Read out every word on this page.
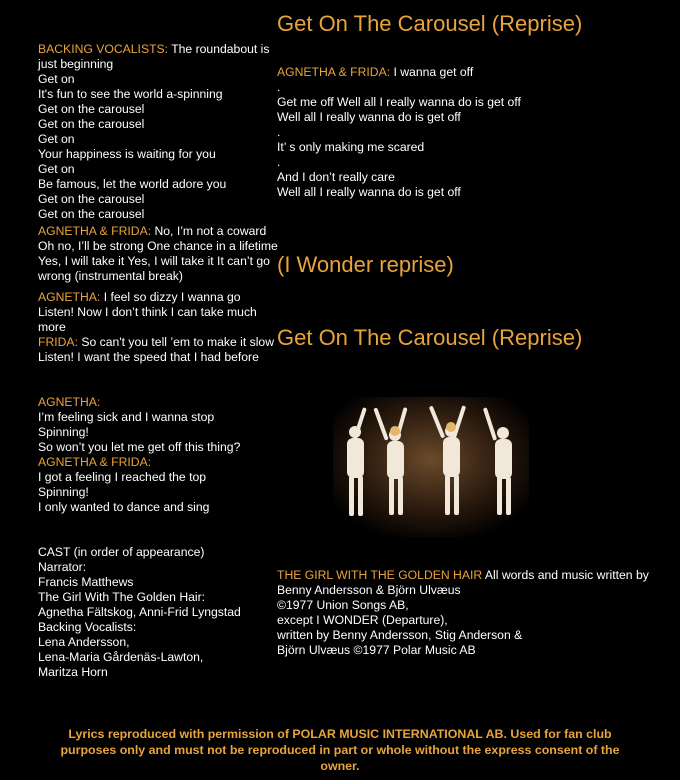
BACKING VOCALISTS: The roundabout is just beginning
Get on
It's fun to see the world a-spinning
Get on the carousel
Get on the carousel
Get on
Your happiness is waiting for you
Get on
Be famous, let the world adore you
Get on the carousel
Get on the carousel
AGNETHA & FRIDA: No, I’m not a coward Oh no, I’ll be strong One chance in a lifetime Yes, I will take it Yes, I will take it It can’t go wrong (instrumental break)
AGNETHA: I feel so dizzy I wanna go Listen! Now I don’t think I can take much more
FRIDA: So can't you tell ’em to make it slow Listen! I want the speed that I had before
AGNETHA:
I’m feeling sick and I wanna stop
Spinning!
So won’t you let me get off this thing?
AGNETHA & FRIDA:
I got a feeling I reached the top
Spinning!
I only wanted to dance and sing
CAST (in order of appearance)
Narrator:
Francis Matthews
The Girl With The Golden Hair:
Agnetha Fältskog, Anni-Frid Lyngstad
Backing Vocalists:
Lena Andersson,
Lena-Maria Gårdenäs-Lawton,
Maritza Horn
Get On The Carousel (Reprise)
AGNETHA & FRIDA: I wanna get off
.
Get me off Well all I really wanna do is get off
Well all I really wanna do is get off
.
It’ s only making me scared
.
And I don’t really care
Well all I really wanna do is get off
(I Wonder reprise)
Get On The Carousel (Reprise)
THE GIRL WITH THE GOLDEN HAIR All words and music written by
Benny Andersson & Björn Ulvæus
©1977 Union Songs AB,
except I WONDER (Departure),
written by Benny Andersson, Stig Anderson &
Björn Ulvæus ©1977 Polar Music AB
Lyrics reproduced with permission of POLAR MUSIC INTERNATIONAL AB. Used for fan club purposes only and must not be reproduced in part or whole without the express consent of the owner.
